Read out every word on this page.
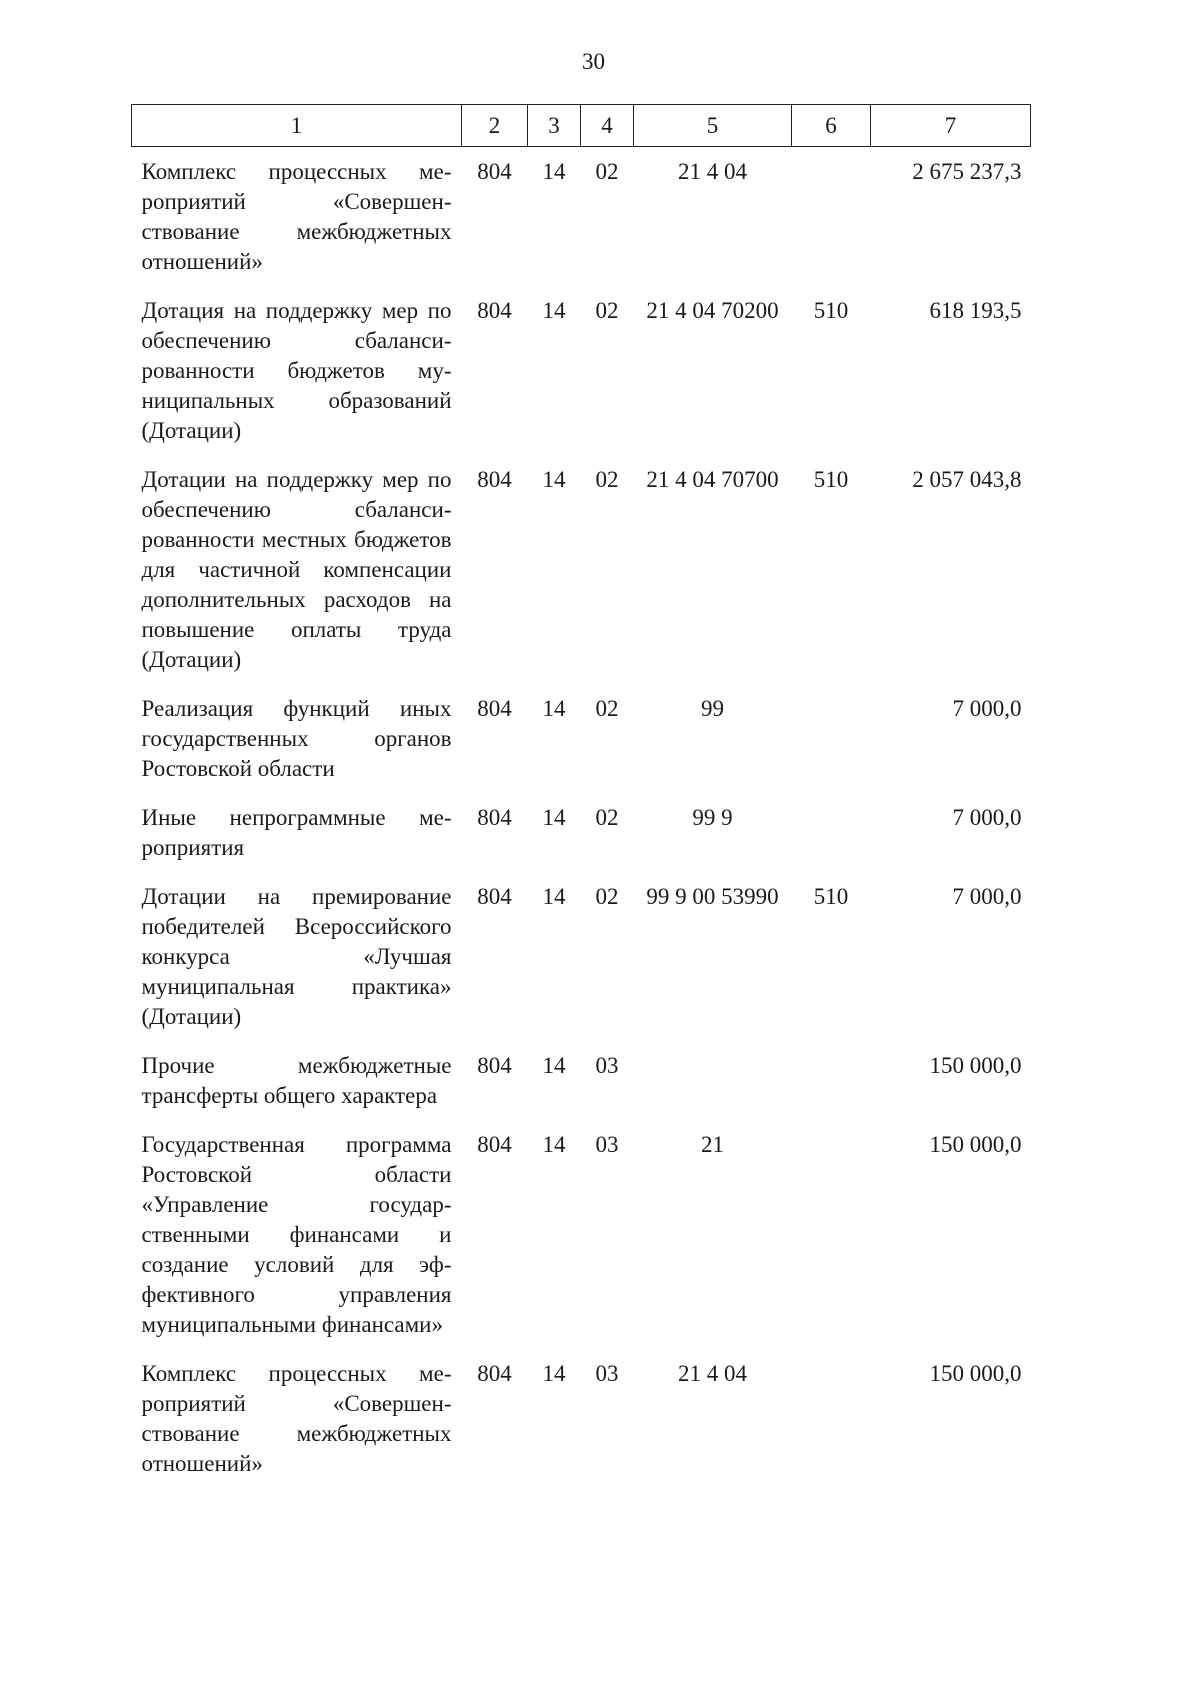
30
1	2	3	4	5	6	7
Комплекс процессных мероприятий «Совершенствование межбюджетных отношений»	804	14	02	21 4 04		2 675 237,3
Дотация на поддержку мер по обеспечению сбалансированности бюджетов муниципальных образований (Дотации)	804	14	02	21 4 04 70200	510	618 193,5
Дотации на поддержку мер по обеспечению сбалансированности местных бюджетов для частичной компенсации дополнительных расходов на повышение оплаты труда (Дотации)	804	14	02	21 4 04 70700	510	2 057 043,8
Реализация функций иных государственных органов Ростовской области	804	14	02	99		7 000,0
Иные непрограммные мероприятия	804	14	02	99 9		7 000,0
Дотации на премирование победителей Всероссийского конкурса «Лучшая муниципальная практика» (Дотации)	804	14	02	99 9 00 53990	510	7 000,0
Прочие межбюджетные трансферты общего характера	804	14	03			150 000,0
Государственная программа Ростовской области «Управление государственными финансами и создание условий для эффективного управления муниципальными финансами»	804	14	03	21		150 000,0
Комплекс процессных мероприятий «Совершенствование межбюджетных отношений»	804	14	03	21 4 04		150 000,0
